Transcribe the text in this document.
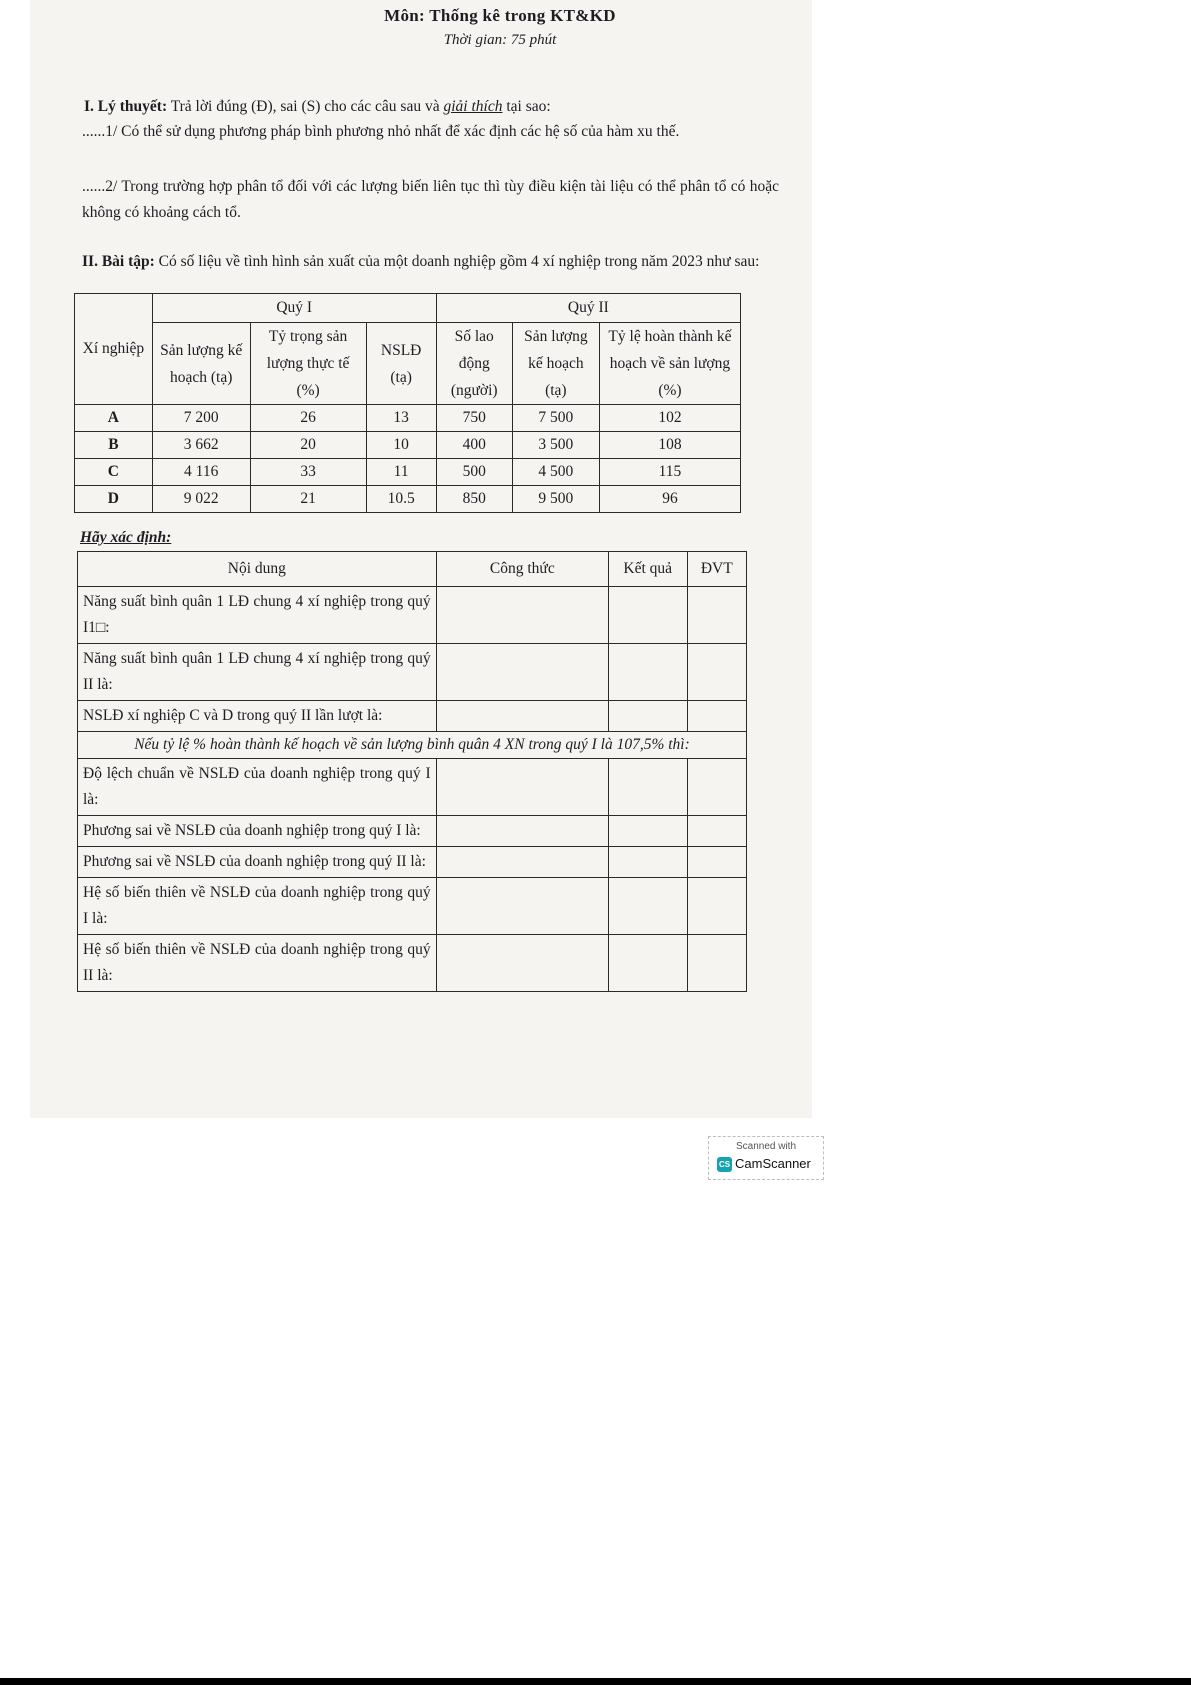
Môn: Thống kê trong KT&KD
Thời gian: 75 phút
I. Lý thuyết: Trả lời đúng (Đ), sai (S) cho các câu sau và giải thích tại sao:
......1/ Có thể sử dụng phương pháp bình phương nhỏ nhất để xác định các hệ số của hàm xu thế.
......2/ Trong trường hợp phân tổ đối với các lượng biến liên tục thì tùy điều kiện tài liệu có thể phân tổ có hoặc không có khoảng cách tổ.
II. Bài tập: Có số liệu về tình hình sản xuất của một doanh nghiệp gồm 4 xí nghiệp trong năm 2023 như sau:
Xí nghiệp	Quý I			Quý II		
	Sản lượng kế hoạch (tạ)	Tỷ trọng sản lượng thực tế (%)	NSLĐ (tạ)	Số lao động (người)	Sản lượng kế hoạch (tạ)	Tỷ lệ hoàn thành kế hoạch về sản lượng (%)
A	7 200	26	13	750	7 500	102
B	3 662	20	10	400	3 500	108
C	4 116	33	11	500	4 500	115
D	9 022	21	10.5	850	9 500	96
Hãy xác định:
Nội dung	Công thức	Kết quả	ĐVT
Năng suất bình quân 1 LĐ chung 4 xí nghiệp trong quý I1□:			
Năng suất bình quân 1 LĐ chung 4 xí nghiệp trong quý II là:			
NSLĐ xí nghiệp C và D trong quý II lần lượt là:			
Nếu tỷ lệ % hoàn thành kế hoạch về sản lượng bình quân 4 XN trong quý I là 107,5% thì:			
Độ lệch chuẩn về NSLĐ của doanh nghiệp trong quý I là:			
Phương sai về NSLĐ của doanh nghiệp trong quý I là:			
Phương sai về NSLĐ của doanh nghiệp trong quý II là:			
Hệ số biến thiên về NSLĐ của doanh nghiệp trong quý I là:			
Hệ số biến thiên về NSLĐ của doanh nghiệp trong quý II là:			
Scanned with
CS CamScanner
